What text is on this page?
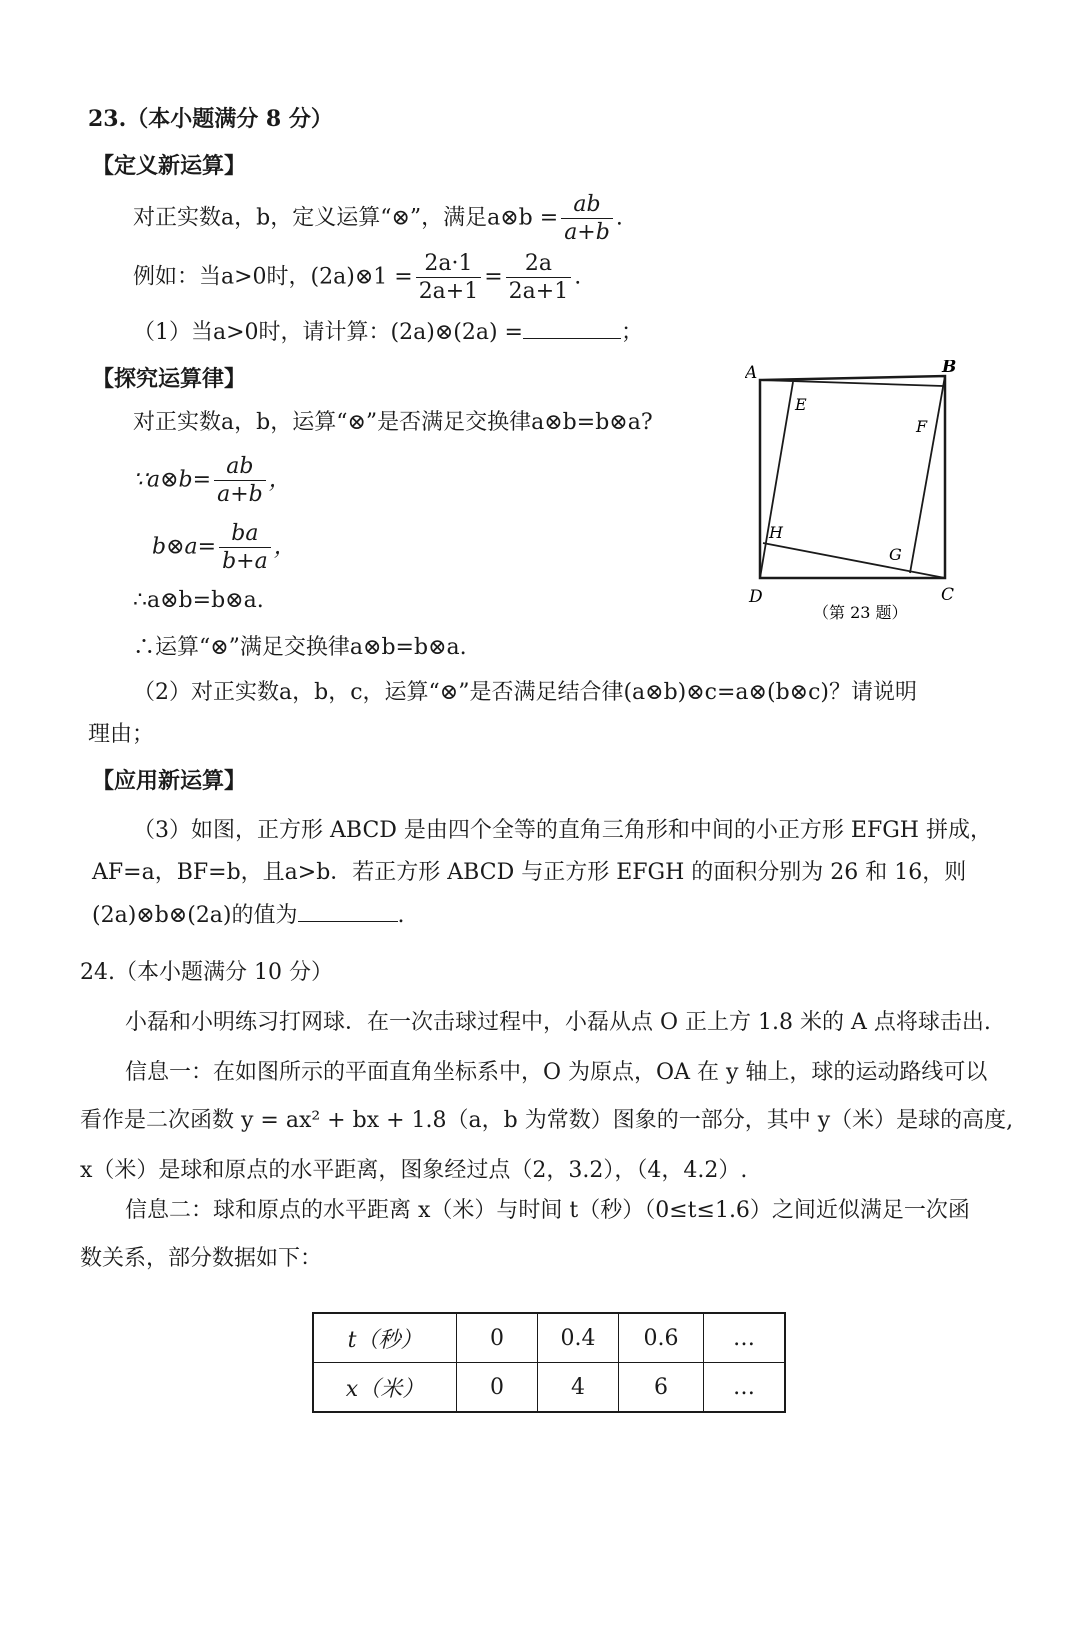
23.（本小题满分 8 分）
【定义新运算】
对正实数a，b，定义运算“⊗”，满足a⊗b = $\frac{ab}{a+b}$ .
例如：当a>0时，(2a)⊗1 = $\frac{2a\cdot 1}{2a+1} = \frac{2a}{2a+1}$ .
（1）当a>0时，请计算：(2a)⊗(2a) =	；
【探究运算律】
对正实数a，b，运算“⊗”是否满足交换律a⊗b=b⊗a?
∵a⊗b= $\frac{ab}{a+b}$ ，
b⊗a= $\frac{ba}{b+a}$ ，
∴a⊗b=b⊗a.
∴运算“⊗”满足交换律a⊗b=b⊗a.
（2）对正实数a，b，c，运算“⊗”是否满足结合律(a⊗b)⊗c=a⊗(b⊗c)？请说明
理由；
【应用新运算】
（3）如图，正方形 ABCD 是由四个全等的直角三角形和中间的小正方形 EFGH 拼成，
AF=a，BF=b，且a>b．若正方形 ABCD 与正方形 EFGH 的面积分别为 26 和 16，则
(2a)⊗b⊗(2a)的值为	.
A	B
C
D
E
F
G
H
（第 23 题）
24.（本小题满分 10 分）
小磊和小明练习打网球．在一次击球过程中，小磊从点 O 正上方 1.8 米的 A 点将球击出.
信息一：在如图所示的平面直角坐标系中，O 为原点，OA 在 y 轴上，球的运动路线可以
看作是二次函数 y = ax² + bx + 1.8（a，b 为常数）图象的一部分，其中 y（米）是球的高度,
x（米）是球和原点的水平距离，图象经过点（2，3.2），（4，4.2）.
信息二：球和原点的水平距离 x（米）与时间 t（秒）（0≤t≤1.6）之间近似满足一次函
数关系，部分数据如下：
t（秒）	0	0.4	0.6	…
x（米）	0	4	6	…
